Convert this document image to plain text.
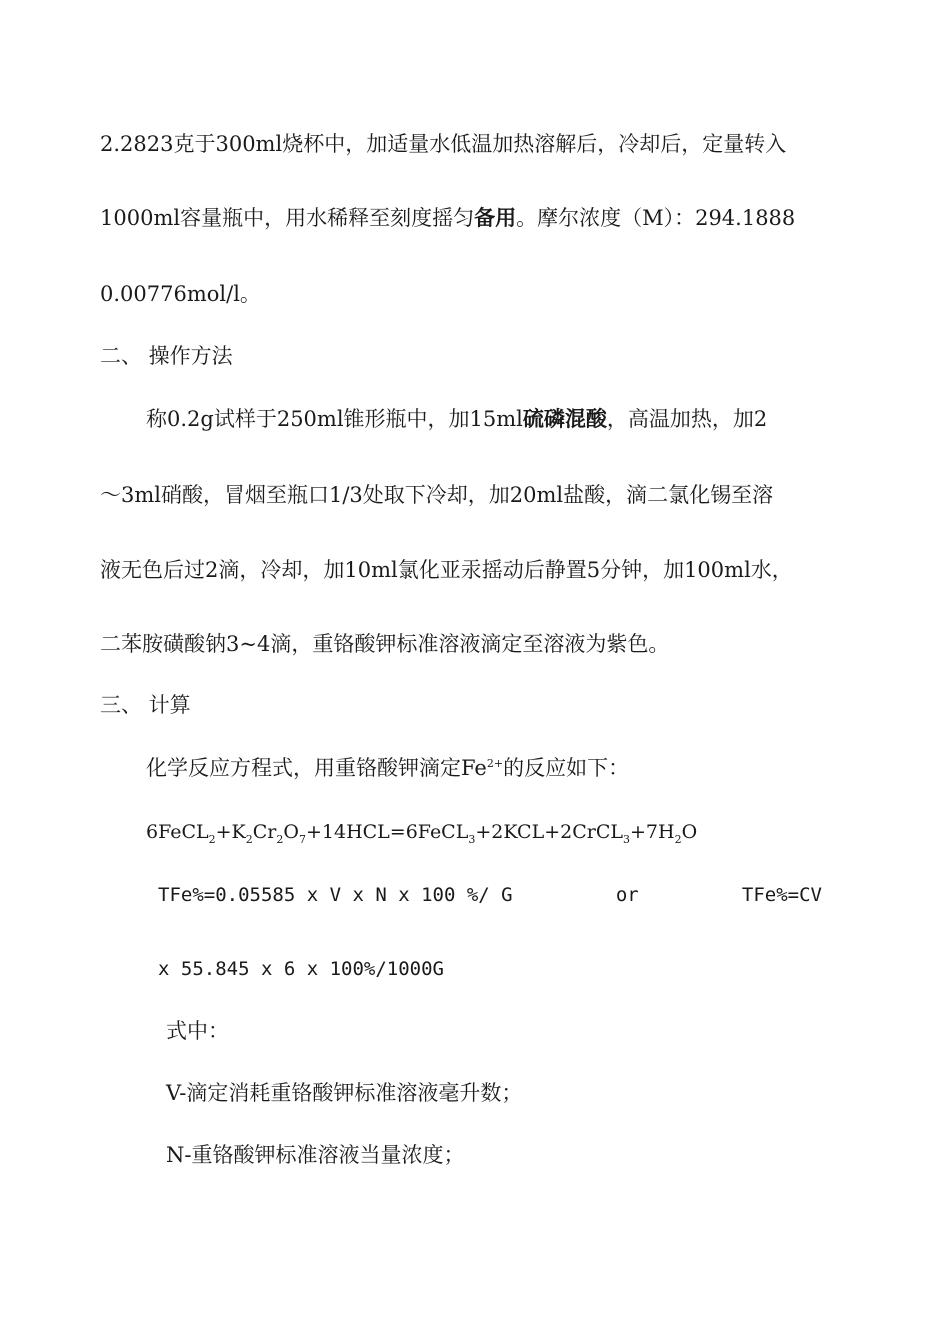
2.2823克于300ml烧杯中，加适量水低温加热溶解后，冷却后，定量转入
1000ml容量瓶中，用水稀释至刻度摇匀备用。摩尔浓度（M）：294.1888
0.00776mol/l。
二、 操作方法
称0.2g试样于250ml锥形瓶中，加15ml硫磷混酸，高温加热，加2
～3ml硝酸，冒烟至瓶口1/3处取下冷却，加20ml盐酸，滴二氯化锡至溶
液无色后过2滴，冷却，加10ml氯化亚汞摇动后静置5分钟，加100ml水，
二苯胺磺酸钠3~4滴，重铬酸钾标准溶液滴定至溶液为紫色。
三、 计算
化学反应方程式，用重铬酸钾滴定$Fe^{2+}$的反应如下：
$6FeCL_2+K_2Cr_2O_7+14HCL=6FeCL_3+2KCL+2CrCL_3+7H_2O$
TFe%=0.05585 x V x N x 100 %/ G	or	TFe%=CV
x 55.845 x 6 x 100%/1000G
式中：
V-滴定消耗重铬酸钾标准溶液毫升数；
N-重铬酸钾标准溶液当量浓度；
